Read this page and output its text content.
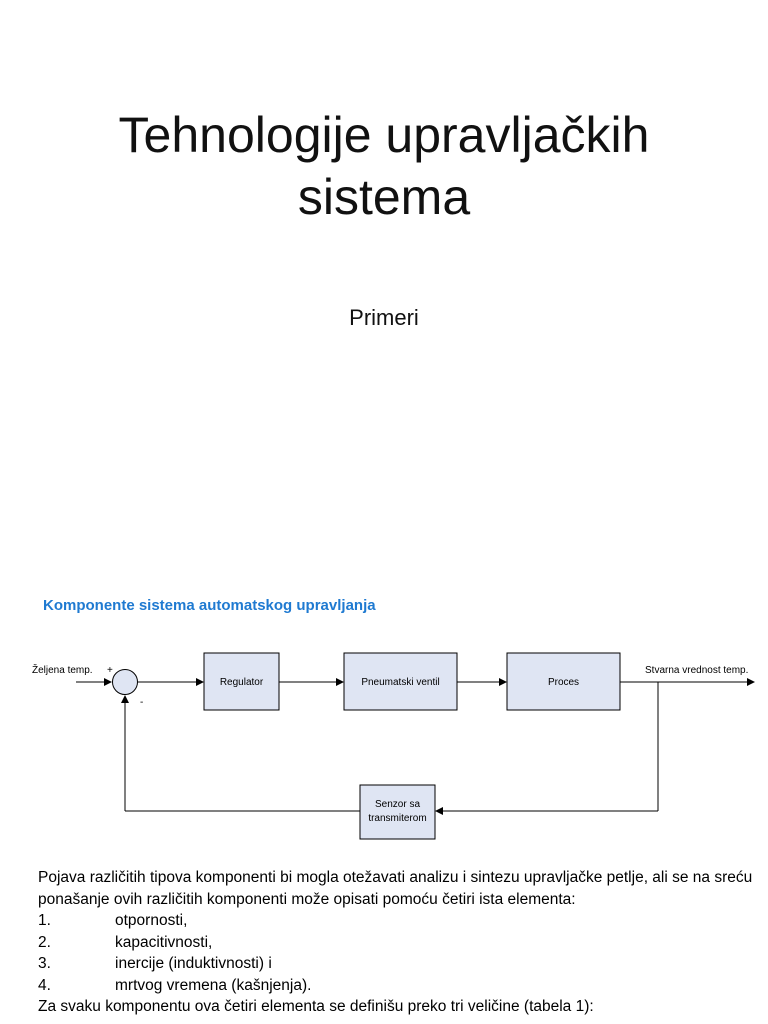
Tehnologije upravljačkih
sistema

Primeri

Komponente sistema automatskog upravljanja

Željena temp. +
-
Regulator	Pneumatski ventil	Proces
Stvarna vrednost temp.
Senzor sa
transmiterom

Pojava različitih tipova komponenti bi mogla otežavati analizu i sintezu upravljačke petlje, ali se na sreću ponašanje ovih različitih komponenti može opisati pomoću četiri ista elementa:

1.	otpornosti,
2.	kapacitivnosti,
3.	inercije (induktivnosti) i
4.	mrtvog vremena (kašnjenja).

Za svaku komponentu ova četiri elementa se definišu preko tri veličine (tabela 1):
